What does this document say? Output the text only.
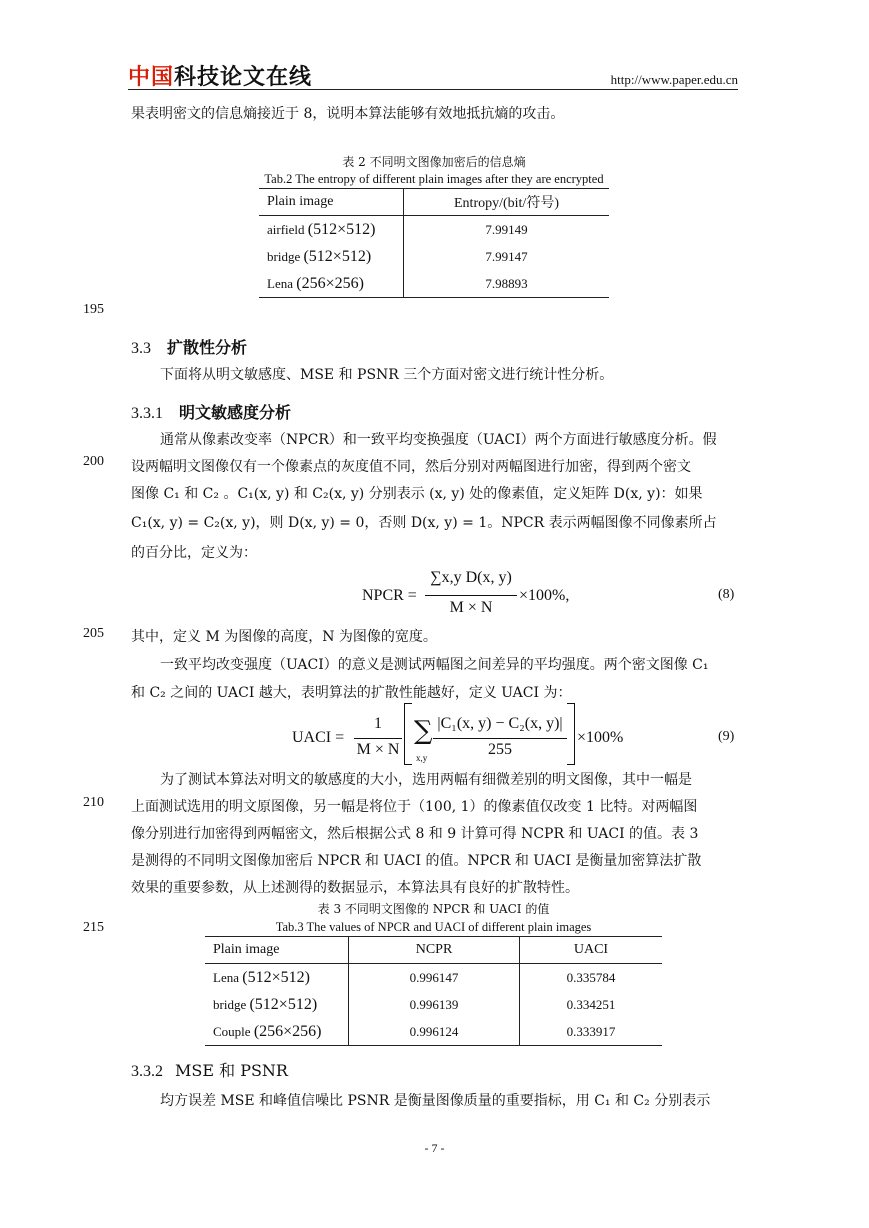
中国科技论文在线	http://www.paper.edu.cn
果表明密文的信息熵接近于 8，说明本算法能够有效地抵抗熵的攻击。
表 2 不同明文图像加密后的信息熵
Tab.2 The entropy of different plain images after they are encrypted
Plain image	Entropy/(bit/符号)
airfield (512×512)	7.99149
bridge (512×512)	7.99147
Lena (256×256)	7.98893
195
3.3 扩散性分析
下面将从明文敏感度、MSE 和 PSNR 三个方面对密文进行统计性分析。
3.3.1 明文敏感度分析
通常从像素改变率（NPCR）和一致平均变换强度（UACI）两个方面进行敏感度分析。假
200 设两幅明文图像仅有一个像素点的灰度值不同，然后分别对两幅图进行加密，得到两个密文
图像 C₁ 和 C₂ 。C₁(x, y) 和 C₂(x, y) 分别表示 (x, y) 处的像素值，定义矩阵 D(x, y)：如果
C₁(x, y) = C₂(x, y)，则 D(x, y) = 0，否则 D(x, y) = 1。NPCR 表示两幅图像不同像素所占
的百分比，定义为：
NPCR =
∑x,y D(x, y)
M × N
×100%,	(8)
205 其中，定义 M 为图像的高度，N 为图像的宽度。
一致平均改变强度（UACI）的意义是测试两幅图之间差异的平均强度。两个密文图像 C₁
和 C₂ 之间的 UACI 越大，表明算法的扩散性能越好，定义 UACI 为：
UACI =
1
M × N
∑
x,y
|C₁(x, y) − C₂(x, y)|
255
×100%	(9)
为了测试本算法对明文的敏感度的大小，选用两幅有细微差别的明文图像，其中一幅是
210 上面测试选用的明文原图像，另一幅是将位于（100, 1）的像素值仅改变 1 比特。对两幅图
像分别进行加密得到两幅密文，然后根据公式 8 和 9 计算可得 NCPR 和 UACI 的值。表 3
是测得的不同明文图像加密后 NPCR 和 UACI 的值。NPCR 和 UACI 是衡量加密算法扩散
效果的重要参数，从上述测得的数据显示，本算法具有良好的扩散特性。
表 3 不同明文图像的 NPCR 和 UACI 的值
215	Tab.3 The values of NPCR and UACI of different plain images
Plain image	NCPR	UACI
Lena (512×512)	0.996147	0.335784
bridge (512×512)	0.996139	0.334251
Couple (256×256)	0.996124	0.333917
3.3.2 MSE 和 PSNR
均方误差 MSE 和峰值信噪比 PSNR 是衡量图像质量的重要指标，用 C₁ 和 C₂ 分别表示
- 7 -
